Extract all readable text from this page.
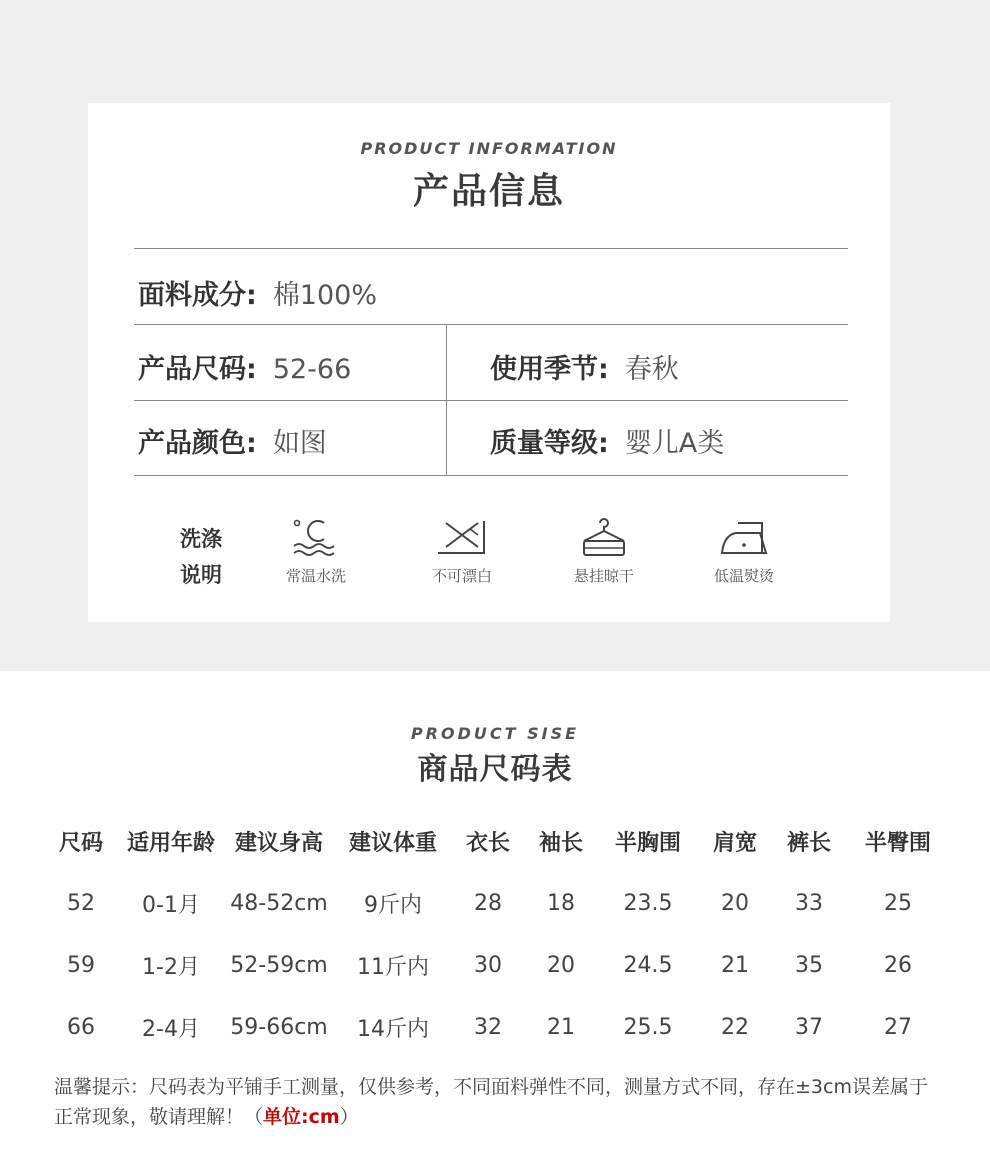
PRODUCT INFORMATION
产品信息
面料成分: 棉100%
产品尺码: 52-66	使用季节: 春秋
产品颜色: 如图	质量等级: 婴儿A类
洗涤
说明	常温水洗	不可漂白	悬挂晾干	低温熨烫
PRODUCT SISE
商品尺码表
尺码	适用年龄	建议身高	建议体重	衣长	袖长	半胸围	肩宽	裤长	半臀围
52	0-1月	48-52cm	9斤内	28	18	23.5	20	33	25
59	1-2月	52-59cm	11斤内	30	20	24.5	21	35	26
66	2-4月	59-66cm	14斤内	32	21	25.5	22	37	27
温馨提示：尺码表为平铺手工测量，仅供参考，不同面料弹性不同，测量方式不同，存在±3cm误差属于正常现象，敬请理解！（单位:cm）
